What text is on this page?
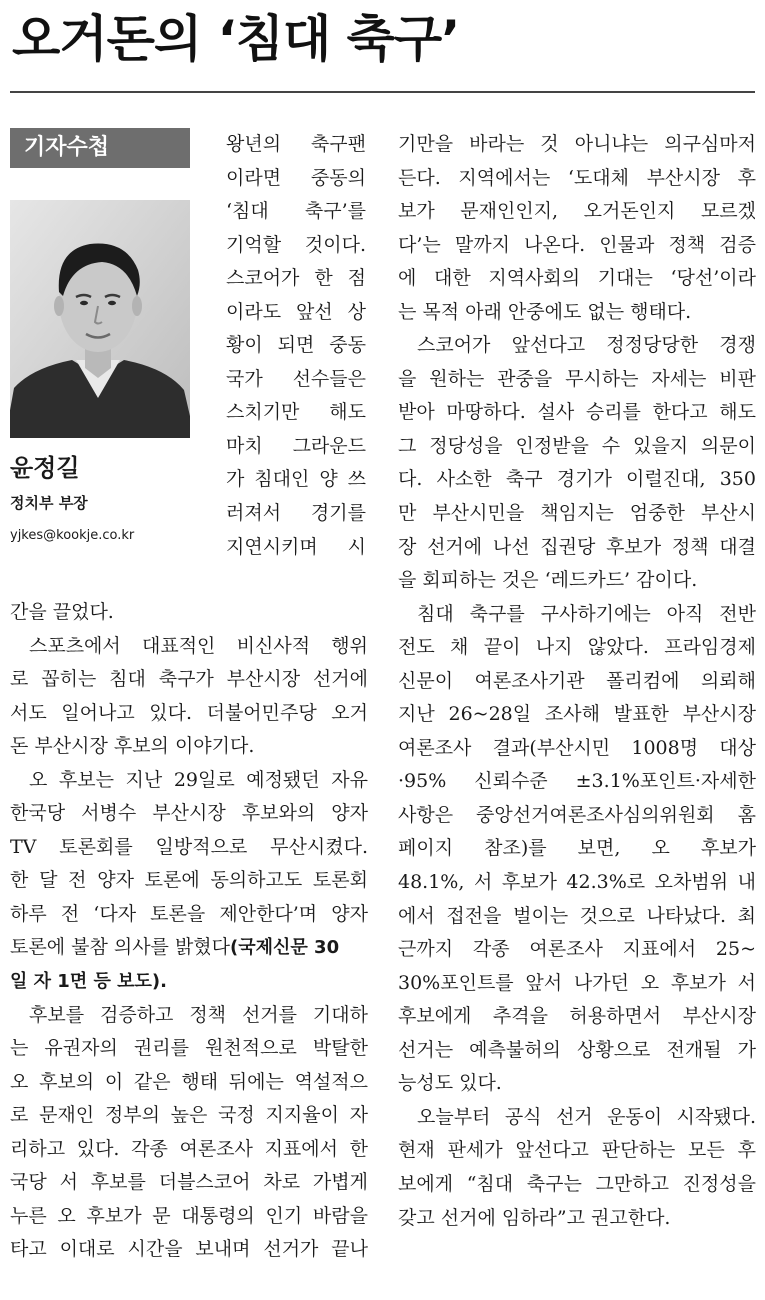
오거돈의 ‘침대 축구’
기자수첩
윤정길
정치부 부장
yjkes@kookje.co.kr
왕년의 축구팬
이라면 중동의
‘침대 축구’를
기억할 것이다.
스코어가 한 점
이라도 앞선 상
황이 되면 중동
국가 선수들은
스치기만 해도
마치 그라운드
가 침대인 양 쓰
러져서 경기를
지연시키며 시
간을 끌었다.
스포츠에서 대표적인 비신사적 행위
로 꼽히는 침대 축구가 부산시장 선거에
서도 일어나고 있다. 더불어민주당 오거
돈 부산시장 후보의 이야기다.
오 후보는 지난 29일로 예정됐던 자유
한국당 서병수 부산시장 후보와의 양자
TV 토론회를 일방적으로 무산시켰다.
한 달 전 양자 토론에 동의하고도 토론회
하루 전 ‘다자 토론을 제안한다’며 양자
토론에 불참 의사를 밝혔다(국제신문 30
일 자 1면 등 보도).
후보를 검증하고 정책 선거를 기대하
는 유권자의 권리를 원천적으로 박탈한
오 후보의 이 같은 행태 뒤에는 역설적으
로 문재인 정부의 높은 국정 지지율이 자
리하고 있다. 각종 여론조사 지표에서 한
국당 서 후보를 더블스코어 차로 가볍게
누른 오 후보가 문 대통령의 인기 바람을
타고 이대로 시간을 보내며 선거가 끝나
기만을 바라는 것 아니냐는 의구심마저
든다. 지역에서는 ‘도대체 부산시장 후
보가 문재인인지, 오거돈인지 모르겠
다’는 말까지 나온다. 인물과 정책 검증
에 대한 지역사회의 기대는 ‘당선’이라
는 목적 아래 안중에도 없는 행태다.
스코어가 앞선다고 정정당당한 경쟁
을 원하는 관중을 무시하는 자세는 비판
받아 마땅하다. 설사 승리를 한다고 해도
그 정당성을 인정받을 수 있을지 의문이
다. 사소한 축구 경기가 이럴진대, 350
만 부산시민을 책임지는 엄중한 부산시
장 선거에 나선 집권당 후보가 정책 대결
을 회피하는 것은 ‘레드카드’ 감이다.
침대 축구를 구사하기에는 아직 전반
전도 채 끝이 나지 않았다. 프라임경제
신문이 여론조사기관 폴리컴에 의뢰해
지난 26~28일 조사해 발표한 부산시장
여론조사 결과(부산시민 1008명 대상
·95% 신뢰수준 ±3.1%포인트·자세한
사항은 중앙선거여론조사심의위원회 홈
페이지 참조)를 보면, 오 후보가
48.1%, 서 후보가 42.3%로 오차범위 내
에서 접전을 벌이는 것으로 나타났다. 최
근까지 각종 여론조사 지표에서 25~
30%포인트를 앞서 나가던 오 후보가 서
후보에게 추격을 허용하면서 부산시장
선거는 예측불허의 상황으로 전개될 가
능성도 있다.
오늘부터 공식 선거 운동이 시작됐다.
현재 판세가 앞선다고 판단하는 모든 후
보에게 “침대 축구는 그만하고 진정성을
갖고 선거에 임하라”고 권고한다.
